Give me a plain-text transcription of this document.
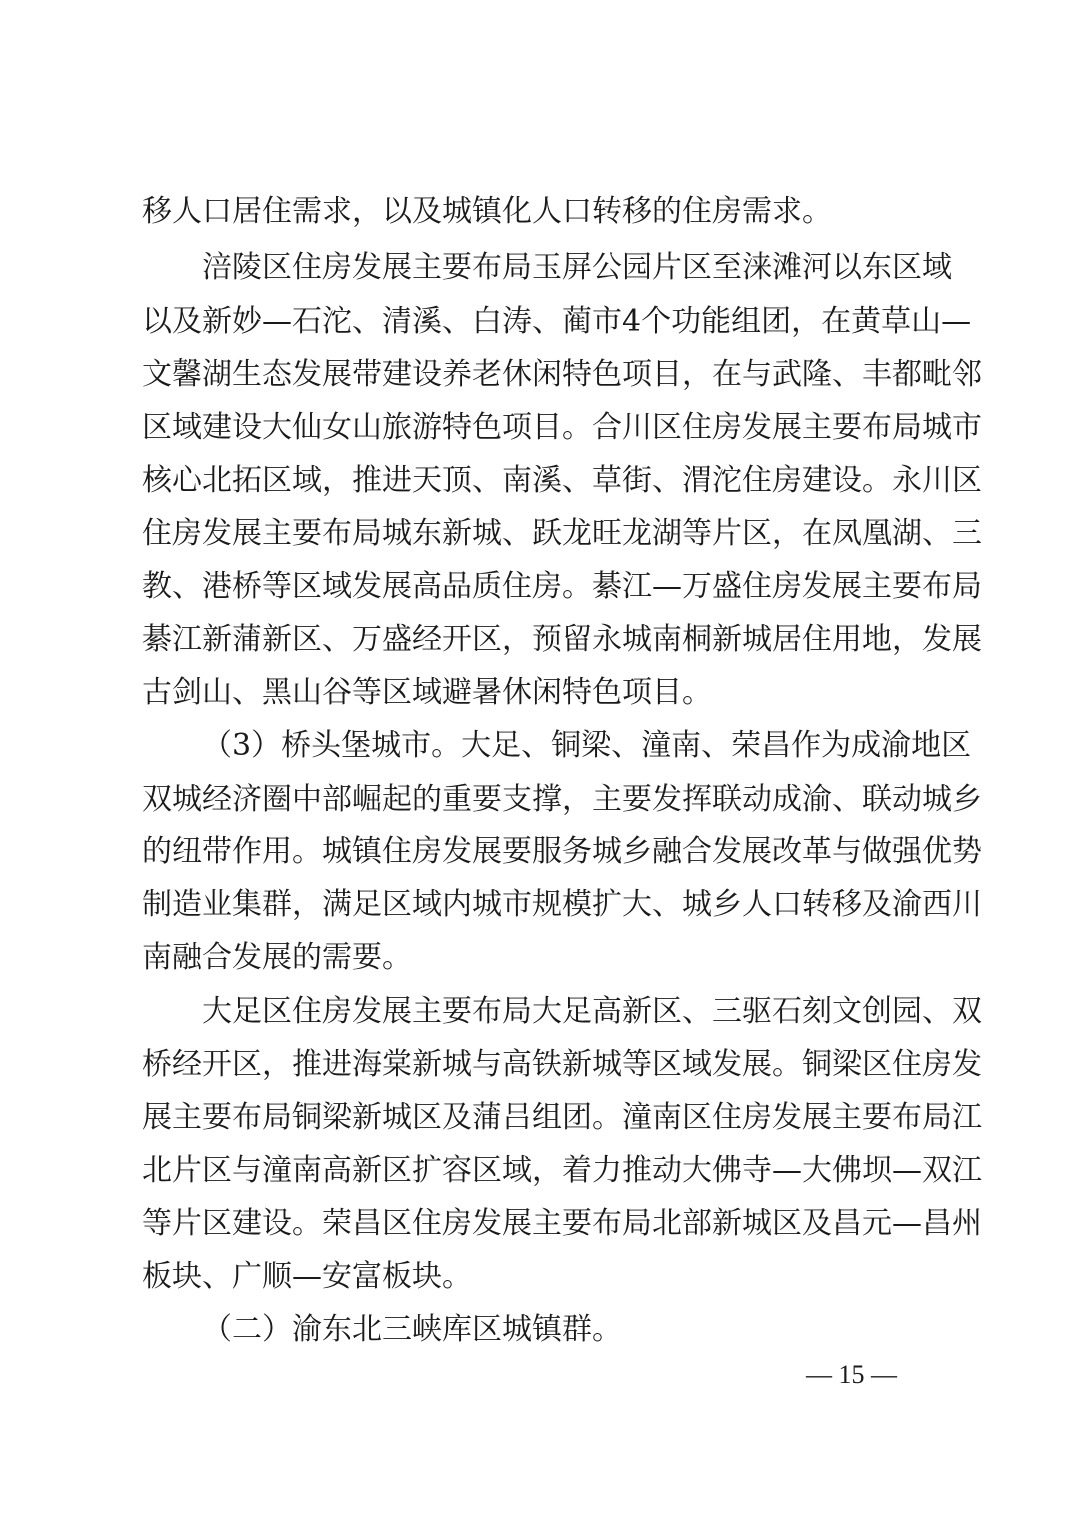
移人口居住需求，以及城镇化人口转移的住房需求。
涪陵区住房发展主要布局玉屏公园片区至涞滩河以东区域
以及新妙—石沱、清溪、白涛、蔺市4个功能组团，在黄草山—
文馨湖生态发展带建设养老休闲特色项目，在与武隆、丰都毗邻
区域建设大仙女山旅游特色项目。合川区住房发展主要布局城市
核心北拓区域，推进天顶、南溪、草街、渭沱住房建设。永川区
住房发展主要布局城东新城、跃龙旺龙湖等片区，在凤凰湖、三
教、港桥等区域发展高品质住房。綦江—万盛住房发展主要布局
綦江新蒲新区、万盛经开区，预留永城南桐新城居住用地，发展
古剑山、黑山谷等区域避暑休闲特色项目。
（3）桥头堡城市。大足、铜梁、潼南、荣昌作为成渝地区
双城经济圈中部崛起的重要支撑，主要发挥联动成渝、联动城乡
的纽带作用。城镇住房发展要服务城乡融合发展改革与做强优势
制造业集群，满足区域内城市规模扩大、城乡人口转移及渝西川
南融合发展的需要。
大足区住房发展主要布局大足高新区、三驱石刻文创园、双
桥经开区，推进海棠新城与高铁新城等区域发展。铜梁区住房发
展主要布局铜梁新城区及蒲吕组团。潼南区住房发展主要布局江
北片区与潼南高新区扩容区域，着力推动大佛寺—大佛坝—双江
等片区建设。荣昌区住房发展主要布局北部新城区及昌元—昌州
板块、广顺—安富板块。
（二）渝东北三峡库区城镇群。
— 15 —
